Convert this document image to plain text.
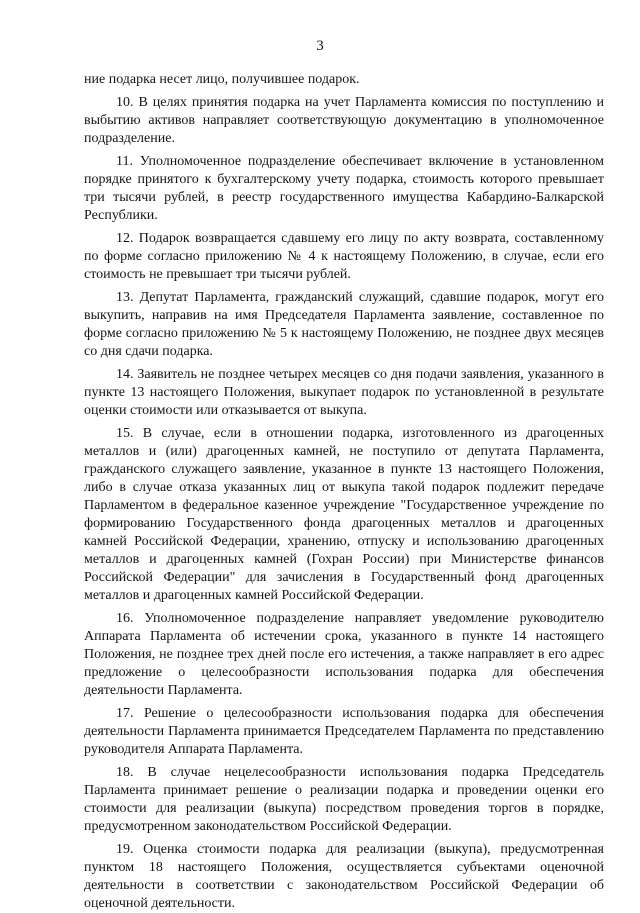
3

ние подарка несет лицо, получившее подарок.

10. В целях принятия подарка на учет Парламента комиссия по поступлению и выбытию активов направляет соответствующую документацию в уполномоченное подразделение.

11. Уполномоченное подразделение обеспечивает включение в установленном порядке принятого к бухгалтерскому учету подарка, стоимость которого превышает три тысячи рублей, в реестр государственного имущества Кабардино-Балкарской Республики.

12. Подарок возвращается сдавшему его лицу по акту возврата, составленному по форме согласно приложению № 4 к настоящему Положению, в случае, если его стоимость не превышает три тысячи рублей.

13. Депутат Парламента, гражданский служащий, сдавшие подарок, могут его выкупить, направив на имя Председателя Парламента заявление, составленное по форме согласно приложению № 5 к настоящему Положению, не позднее двух месяцев со дня сдачи подарка.

14. Заявитель не позднее четырех месяцев со дня подачи заявления, указанного в пункте 13 настоящего Положения, выкупает подарок по установленной в результате оценки стоимости или отказывается от выкупа.

15. В случае, если в отношении подарка, изготовленного из драгоценных металлов и (или) драгоценных камней, не поступило от депутата Парламента, гражданского служащего заявление, указанное в пункте 13 настоящего Положения, либо в случае отказа указанных лиц от выкупа такой подарок подлежит передаче Парламентом в федеральное казенное учреждение "Государственное учреждение по формированию Государственного фонда драгоценных металлов и драгоценных камней Российской Федерации, хранению, отпуску и использованию драгоценных металлов и драгоценных камней (Гохран России) при Министерстве финансов Российской Федерации" для зачисления в Государственный фонд драгоценных металлов и драгоценных камней Российской Федерации.

16. Уполномоченное подразделение направляет уведомление руководителю Аппарата Парламента об истечении срока, указанного в пункте 14 настоящего Положения, не позднее трех дней после его истечения, а также направляет в его адрес предложение о целесообразности использования подарка для обеспечения деятельности Парламента.

17. Решение о целесообразности использования подарка для обеспечения деятельности Парламента принимается Председателем Парламента по представлению руководителя Аппарата Парламента.

18. В случае нецелесообразности использования подарка Председатель Парламента принимает решение о реализации подарка и проведении оценки его стоимости для реализации (выкупа) посредством проведения торгов в порядке, предусмотренном законодательством Российской Федерации.

19. Оценка стоимости подарка для реализации (выкупа), предусмотренная пунктом 18 настоящего Положения, осуществляется субъектами оценочной деятельности в соответствии с законодательством Российской Федерации об оценочной деятельности.
